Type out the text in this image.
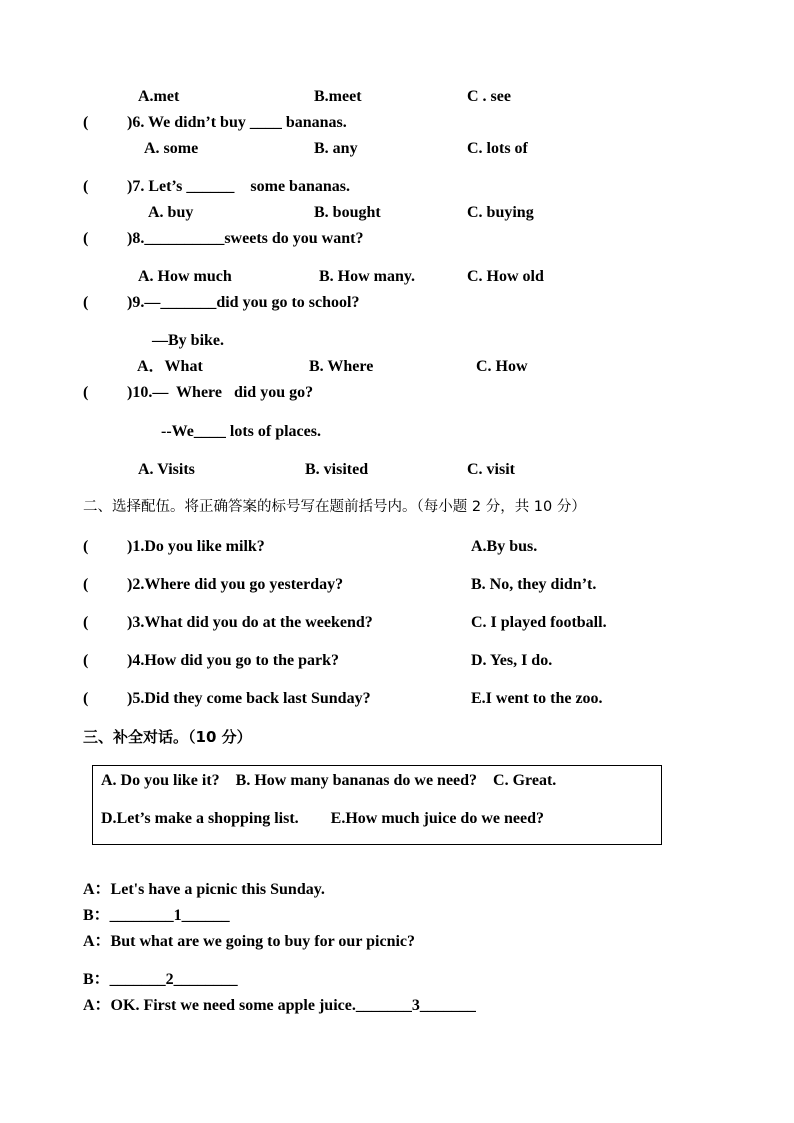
A.met	B.meet	C . see
( )6. We didn’t buy ____ bananas.
A. some	B. any	C. lots of
( )7. Let’s ______    some bananas.
A. buy	B. bought	C. buying
( )8.__________sweets do you want?
A. How much	B. How many.	C. How old
( )9.—_______did you go to school?
—By bike.
A．What	B. Where	C. How
( )10.—  Where   did you go?
--We____ lots of places.
A. Visits	B. visited	C. visit
二、选择配伍。将正确答案的标号写在题前括号内。（每小题 2 分，共 10 分）
( )1.Do you like milk?	A.By bus.
( )2.Where did you go yesterday?	B. No, they didn’t.
( )3.What did you do at the weekend?	C. I played football.
( )4.How did you go to the park?	D. Yes, I do.
( )5.Did they come back last Sunday?	E.I went to the zoo.
三、补全对话。（10 分）
A. Do you like it?    B. How many bananas do we need?    C. Great.
D.Let’s make a shopping list.        E.How much juice do we need?
A：Let's have a picnic this Sunday.
B：________1______
A：But what are we going to buy for our picnic?
B：_______2________
A：OK. First we need some apple juice._______3_______
